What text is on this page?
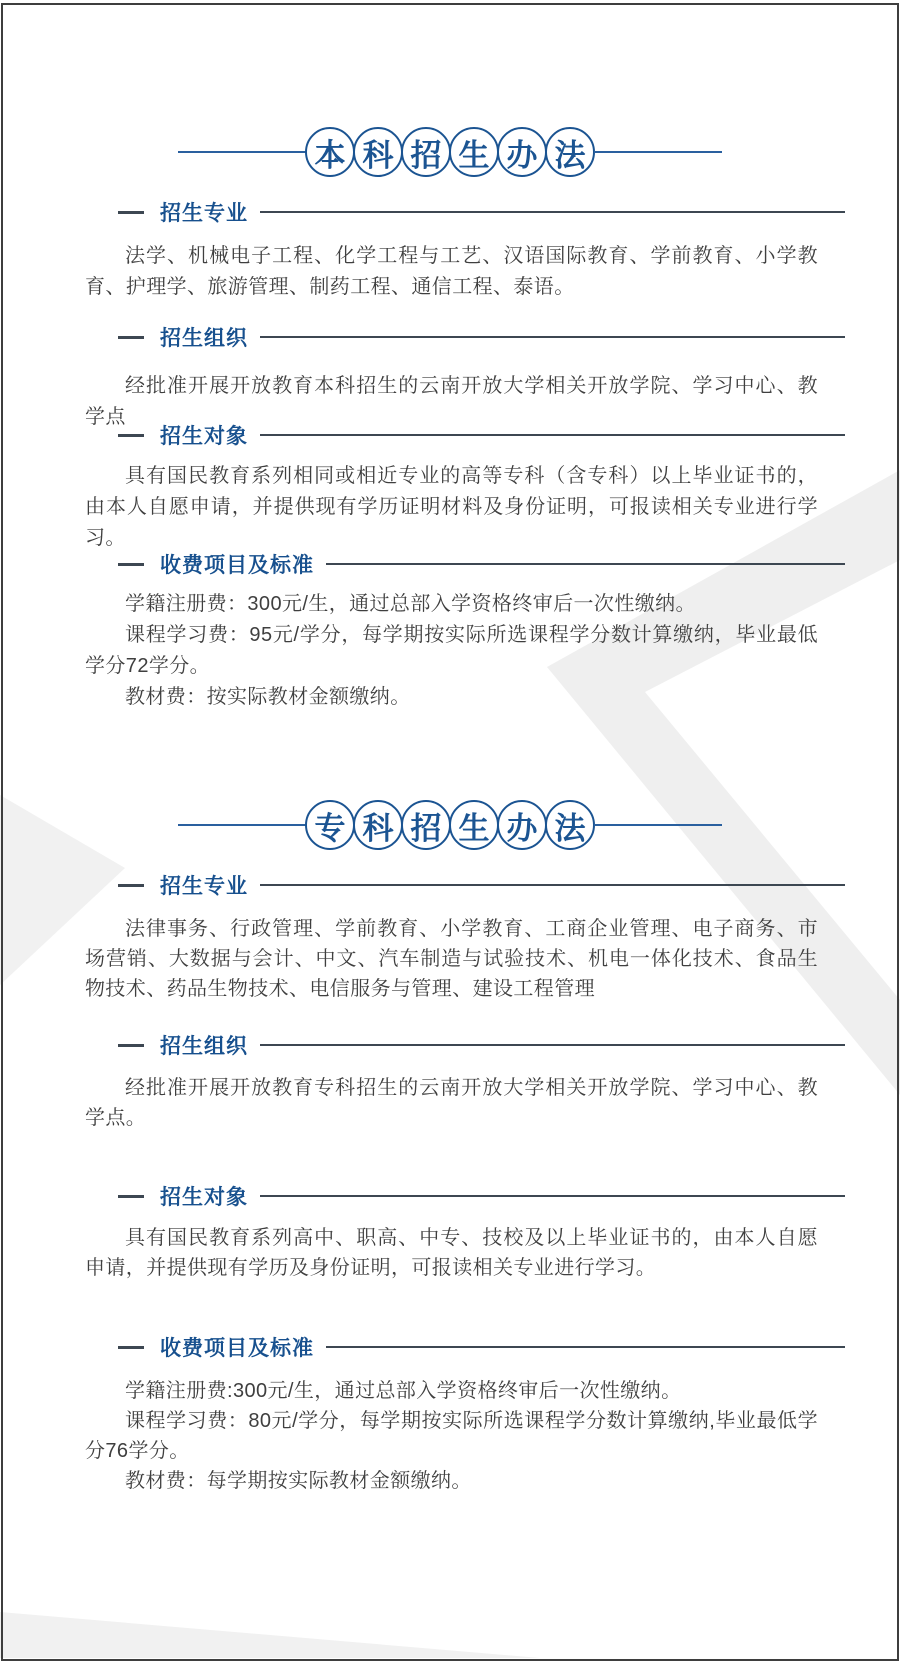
本 科 招 生 办 法
招生专业

法学、机械电子工程、化学工程与工艺、汉语国际教育、学前教育、小学教育、护理学、旅游管理、制药工程、通信工程、泰语。

招生组织

经批准开展开放教育本科招生的云南开放大学相关开放学院、学习中心、教学点

招生对象

具有国民教育系列相同或相近专业的高等专科（含专科）以上毕业证书的，由本人自愿申请，并提供现有学历证明材料及身份证明，可报读相关专业进行学习。

收费项目及标准

学籍注册费：300元/生，通过总部入学资格终审后一次性缴纳。

课程学习费：95元/学分，每学期按实际所选课程学分数计算缴纳，毕业最低学分72学分。

教材费：按实际教材金额缴纳。

专 科 招 生 办 法
招生专业

法律事务、行政管理、学前教育、小学教育、工商企业管理、电子商务、市场营销、大数据与会计、中文、汽车制造与试验技术、机电一体化技术、食品生物技术、药品生物技术、电信服务与管理、建设工程管理

招生组织

经批准开展开放教育专科招生的云南开放大学相关开放学院、学习中心、教学点。

招生对象

具有国民教育系列高中、职高、中专、技校及以上毕业证书的，由本人自愿申请，并提供现有学历及身份证明，可报读相关专业进行学习。

收费项目及标准

学籍注册费:300元/生，通过总部入学资格终审后一次性缴纳。

课程学习费：80元/学分，每学期按实际所选课程学分数计算缴纳,毕业最低学分76学分。

教材费：每学期按实际教材金额缴纳。
